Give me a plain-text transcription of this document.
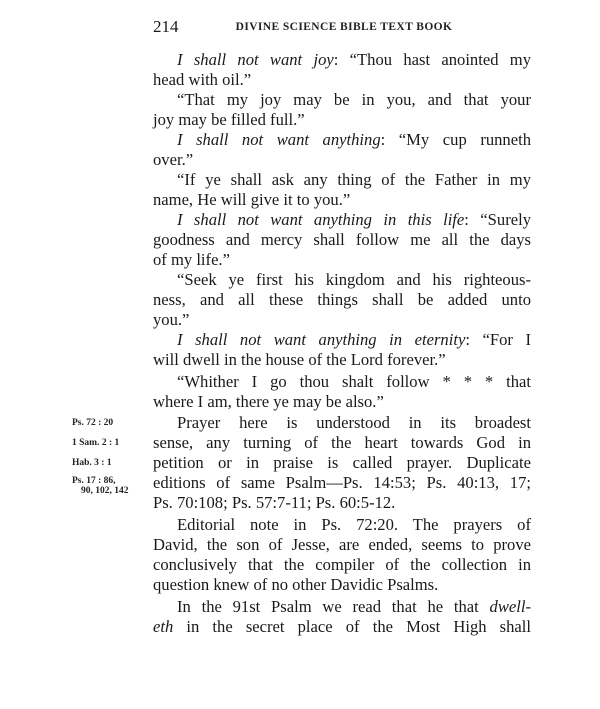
214	DIVINE SCIENCE BIBLE TEXT BOOK
I shall not want joy: “Thou hast anointed my
head with oil.”
“That my joy may be in you, and that your
joy may be filled full.”
I shall not want anything: “My cup runneth
over.”
“If ye shall ask any thing of the Father in my
name, He will give it to you.”
I shall not want anything in this life: “Surely
goodness and mercy shall follow me all the days
of my life.”
“Seek ye first his kingdom and his righteous-
ness, and all these things shall be added unto
you.”
I shall not want anything in eternity: “For I
will dwell in the house of the Lord forever.”
“Whither I go thou shalt follow * * * that
where I am, there ye may be also.”
Prayer here is understood in its broadest
sense, any turning of the heart towards God in
petition or in praise is called prayer. Duplicate
editions of same Psalm—Ps. 14:53; Ps. 40:13, 17;
Ps. 70:108; Ps. 57:7-11; Ps. 60:5-12.
Editorial note in Ps. 72:20. The prayers of
David, the son of Jesse, are ended, seems to prove
conclusively that the compiler of the collection in
question knew of no other Davidic Psalms.
In the 91st Psalm we read that he that dwell-
eth in the secret place of the Most High shall
Ps. 72 : 20
1 Sam. 2 : 1
Hab. 3 : 1
Ps. 17 : 86,
90, 102, 142
